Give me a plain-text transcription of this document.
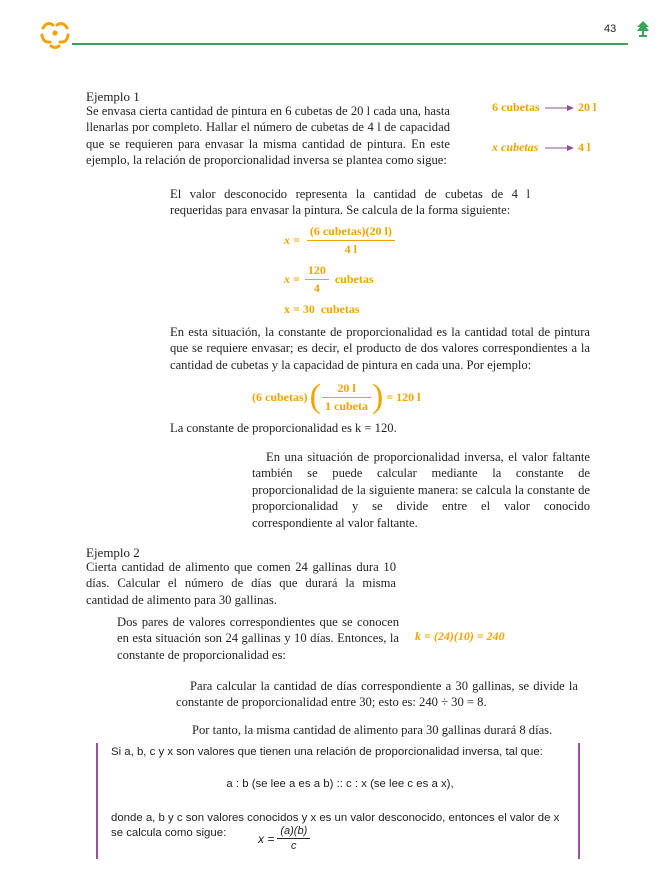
43
Ejemplo 1
Se envasa cierta cantidad de pintura en 6 cubetas de 20 l cada una, hasta llenarlas por completo. Hallar el número de cubetas de 4 l de capacidad que se requieren para envasar la misma cantidad de pintura. En este ejemplo, la relación de proporcionalidad inversa se plantea como sigue:
6 cubetas	20 l
x cubetas	4 l
El valor desconocido representa la cantidad de cubetas de 4 l requeridas para envasar la pintura. Se calcula de la forma siguiente:
$x = \frac{\text{(6 cubetas)(20 l)}}{4 l}$
$x = \frac{120}{4}$ cubetas
x = 30  cubetas
En esta situación, la constante de proporcionalidad es la cantidad total de pintura que se requiere envasar; es decir, el producto de dos valores correspondientes a la cantidad de cubetas y la capacidad de pintura en cada una. Por ejemplo:
(6 cubetas) ( $\frac{20 l}{\text{1 cubeta}}$ ) = 120 l
La constante de proporcionalidad es k = 120.
En una situación de proporcionalidad inversa, el valor faltante también se puede calcular mediante la constante de proporcionalidad de la siguiente manera: se calcula la constante de proporcionalidad y se divide entre el valor conocido correspondiente al valor faltante.
Ejemplo 2
Cierta cantidad de alimento que comen 24 gallinas dura 10 días. Calcular el número de días que durará la misma cantidad de alimento para 30 gallinas.
Dos pares de valores correspondientes que se conocen en esta situación son 24 gallinas y 10 días. Entonces, la constante de proporcionalidad es:
k = (24)(10) = 240
Para calcular la cantidad de días correspondiente a 30 gallinas, se divide la constante de proporcionalidad entre 30; esto es: 240 ÷ 30 = 8.
Por tanto, la misma cantidad de alimento para 30 gallinas durará 8 días.
Si a, b, c y x son valores que tienen una relación de proporcionalidad inversa, tal que:
a : b (se lee a es a b) :: c : x (se lee c es a x),
donde a, b y c son valores conocidos y x es un valor desconocido, entonces el valor de x se calcula como sigue:	$x = \frac{(a)(b)}{c}$
